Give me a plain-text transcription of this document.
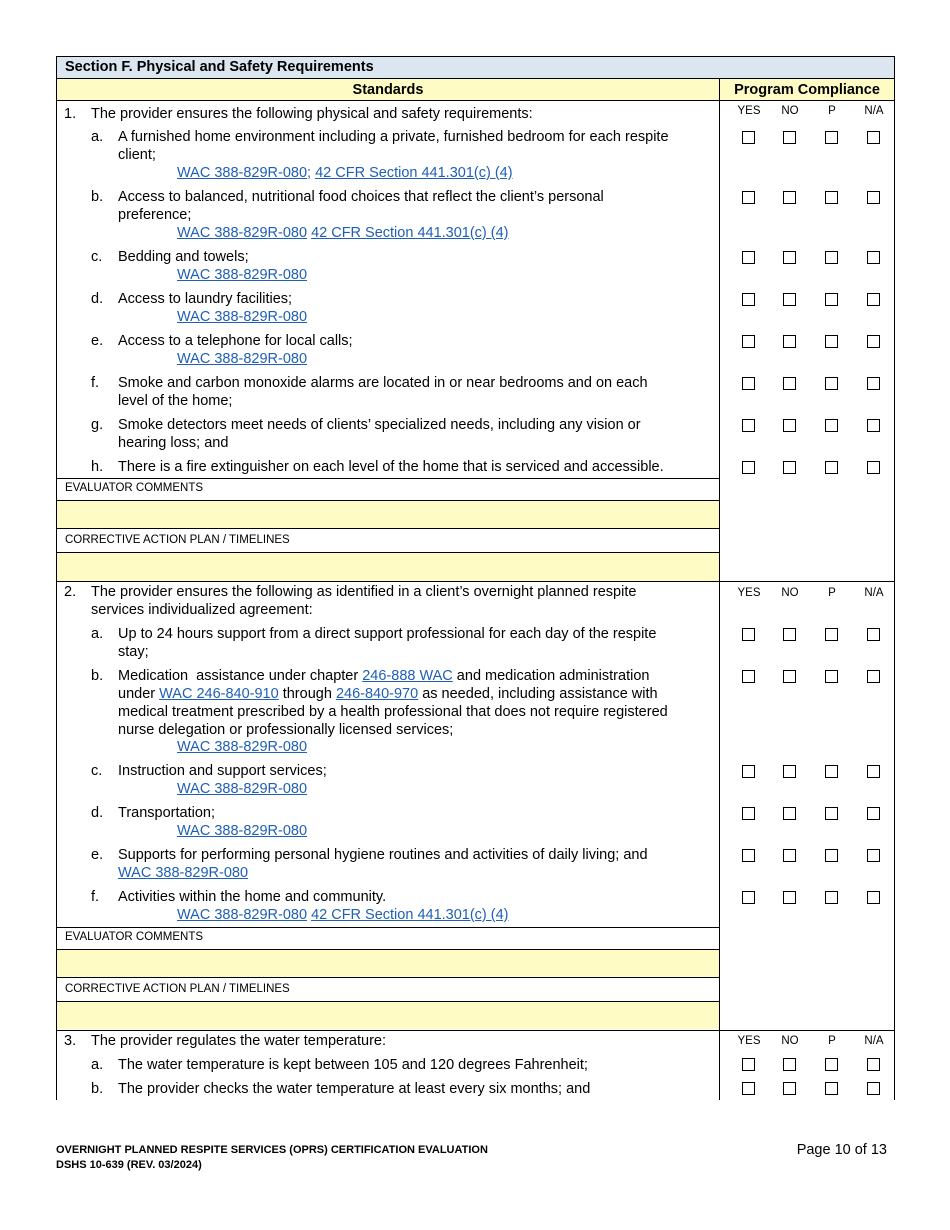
Section F. Physical and Safety Requirements
Standards	Program Compliance
1. The provider ensures the following physical and safety requirements:	YES	NO	P	N/A
a. A furnished home environment including a private, furnished bedroom for each respite
client;
WAC 388-829R-080; 42 CFR Section 441.301(c) (4)
b. Access to balanced, nutritional food choices that reflect the client’s personal
preference;
WAC 388-829R-080 42 CFR Section 441.301(c) (4)
c. Bedding and towels;
WAC 388-829R-080
d. Access to laundry facilities;
WAC 388-829R-080
e. Access to a telephone for local calls;
WAC 388-829R-080
f. Smoke and carbon monoxide alarms are located in or near bedrooms and on each
level of the home;
g. Smoke detectors meet needs of clients’ specialized needs, including any vision or
hearing loss; and
h. There is a fire extinguisher on each level of the home that is serviced and accessible.
EVALUATOR COMMENTS
CORRECTIVE ACTION PLAN / TIMELINES
2. The provider ensures the following as identified in a client’s overnight planned respite
services individualized agreement:
YES	NO	P	N/A
a. Up to 24 hours support from a direct support professional for each day of the respite
stay;
b. Medication  assistance under chapter 246-888 WAC and medication administration
under WAC 246-840-910 through 246-840-970 as needed, including assistance with
medical treatment prescribed by a health professional that does not require registered
nurse delegation or professionally licensed services;
WAC 388-829R-080
c. Instruction and support services;
WAC 388-829R-080
d. Transportation;
WAC 388-829R-080
e. Supports for performing personal hygiene routines and activities of daily living; and
WAC 388-829R-080
f. Activities within the home and community.
WAC 388-829R-080 42 CFR Section 441.301(c) (4)
EVALUATOR COMMENTS
CORRECTIVE ACTION PLAN / TIMELINES
3. The provider regulates the water temperature:	YES	NO	P	N/A
a. The water temperature is kept between 105 and 120 degrees Fahrenheit;
b. The provider checks the water temperature at least every six months; and
OVERNIGHT PLANNED RESPITE SERVICES (OPRS) CERTIFICATION EVALUATION
DSHS 10-639 (REV. 03/2024)
Page 10 of 13
